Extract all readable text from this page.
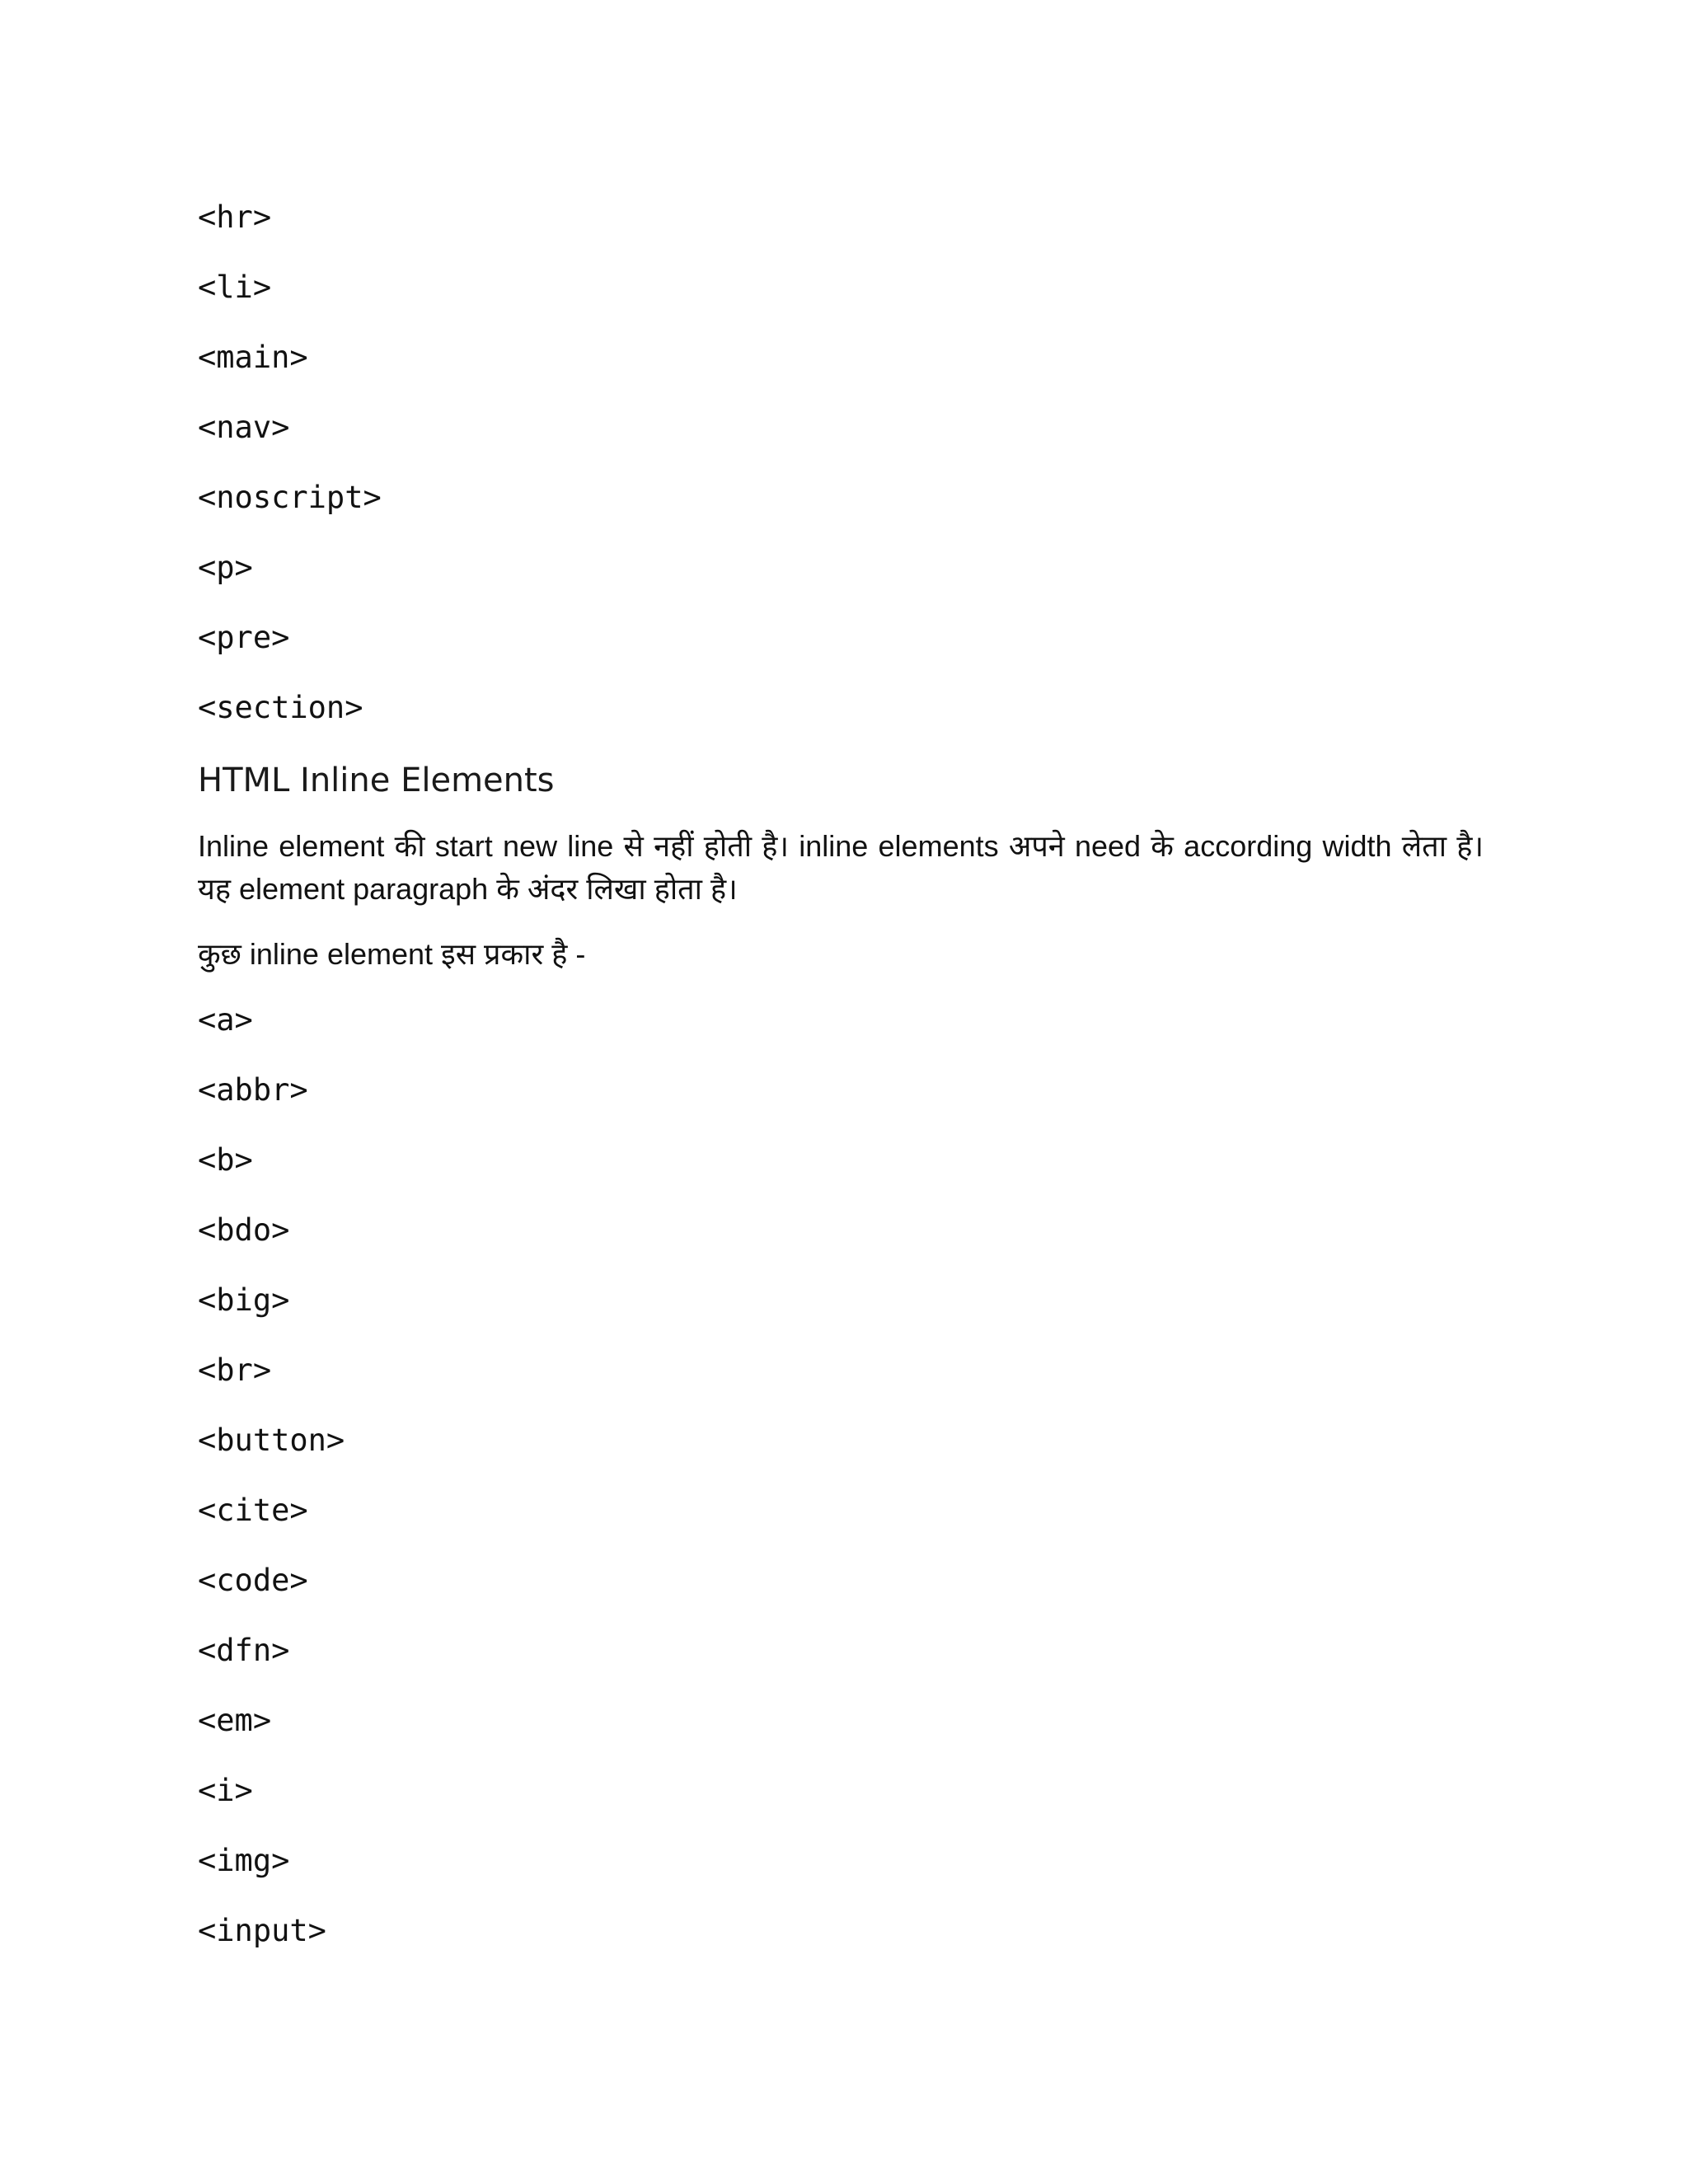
<hr>
<li>
<main>
<nav>
<noscript>
<p>
<pre>
<section>
HTML Inline Elements
Inline element की start new line से नहीं होती है। inline elements अपने need के according width लेता है। यह element paragraph के अंदर लिखा होता है।
कुछ inline element इस प्रकार है -
<a>
<abbr>
<b>
<bdo>
<big>
<br>
<button>
<cite>
<code>
<dfn>
<em>
<i>
<img>
<input>
